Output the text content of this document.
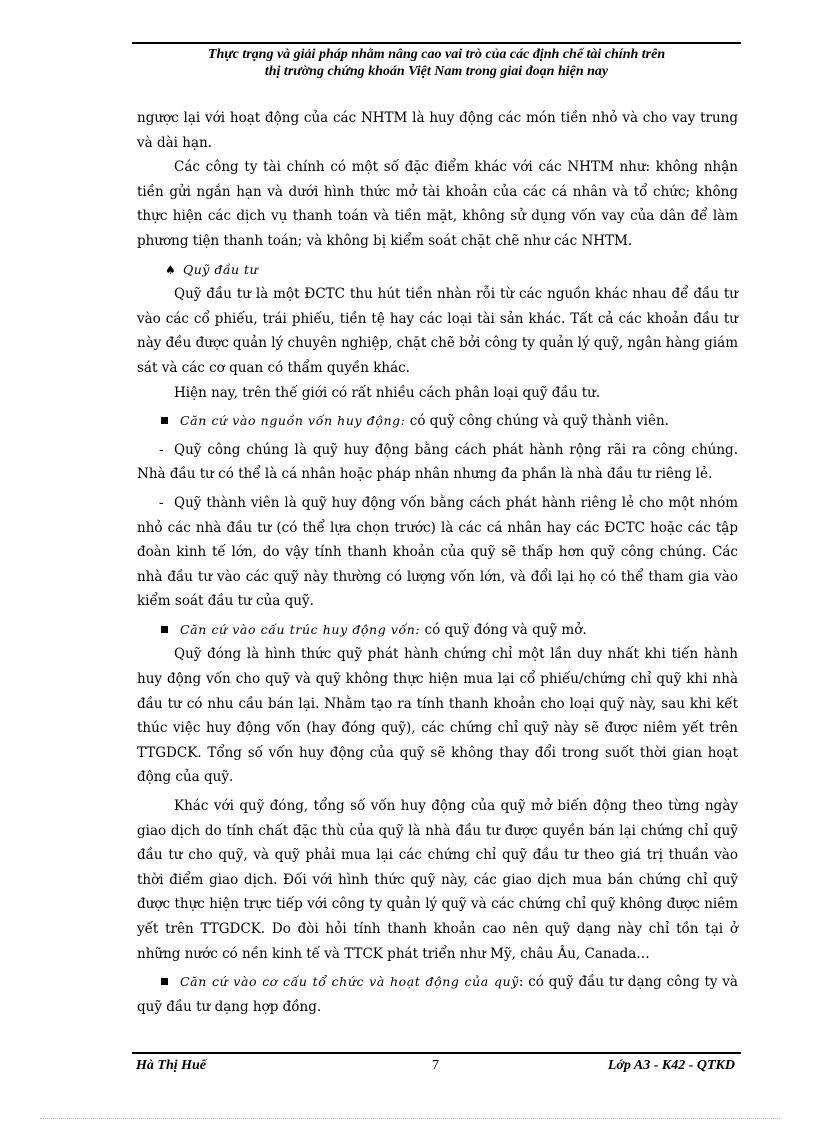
Thực trạng và giải pháp nhằm nâng cao vai trò của các định chế tài chính trên
thị trường chứng khoán Việt Nam trong giai đoạn hiện nay

ngược lại với hoạt động của các NHTM là huy động các món tiền nhỏ và cho vay trung và dài hạn.

Các công ty tài chính có một số đặc điểm khác với các NHTM như: không nhận tiền gửi ngắn hạn và dưới hình thức mở tài khoản của các cá nhân và tổ chức; không thực hiện các dịch vụ thanh toán và tiền mặt, không sử dụng vốn vay của dân để làm phương tiện thanh toán; và không bị kiểm soát chặt chẽ như các NHTM.

♠ Quỹ đầu tư

Quỹ đầu tư là một ĐCTC thu hút tiền nhàn rỗi từ các nguồn khác nhau để đầu tư vào các cổ phiếu, trái phiếu, tiền tệ hay các loại tài sản khác. Tất cả các khoản đầu tư này đều được quản lý chuyên nghiệp, chặt chẽ bởi công ty quản lý quỹ, ngân hàng giám sát và các cơ quan có thẩm quyền khác.

Hiện nay, trên thế giới có rất nhiều cách phân loại quỹ đầu tư.

Căn cứ vào nguồn vốn huy động: có quỹ công chúng và quỹ thành viên.

- Quỹ công chúng là quỹ huy động bằng cách phát hành rộng rãi ra công chúng. Nhà đầu tư có thể là cá nhân hoặc pháp nhân nhưng đa phần là nhà đầu tư riêng lẻ.

- Quỹ thành viên là quỹ huy động vốn bằng cách phát hành riêng lẻ cho một nhóm nhỏ các nhà đầu tư (có thể lựa chọn trước) là các cá nhân hay các ĐCTC hoặc các tập đoàn kinh tế lớn, do vậy tính thanh khoản của quỹ sẽ thấp hơn quỹ công chúng. Các nhà đầu tư vào các quỹ này thường có lượng vốn lớn, và đổi lại họ có thể tham gia vào kiểm soát đầu tư của quỹ.

Căn cứ vào cấu trúc huy động vốn: có quỹ đóng và quỹ mở.

Quỹ đóng là hình thức quỹ phát hành chứng chỉ một lần duy nhất khi tiến hành huy động vốn cho quỹ và quỹ không thực hiện mua lại cổ phiếu/chứng chỉ quỹ khi nhà đầu tư có nhu cầu bán lại. Nhằm tạo ra tính thanh khoản cho loại quỹ này, sau khi kết thúc việc huy động vốn (hay đóng quỹ), các chứng chỉ quỹ này sẽ được niêm yết trên TTGDCK. Tổng số vốn huy động của quỹ sẽ không thay đổi trong suốt thời gian hoạt động của quỹ.

Khác với quỹ đóng, tổng số vốn huy động của quỹ mở biến động theo từng ngày giao dịch do tính chất đặc thù của quỹ là nhà đầu tư được quyền bán lại chứng chỉ quỹ đầu tư cho quỹ, và quỹ phải mua lại các chứng chỉ quỹ đầu tư theo giá trị thuần vào thời điểm giao dịch. Đối với hình thức quỹ này, các giao dịch mua bán chứng chỉ quỹ được thực hiện trực tiếp với công ty quản lý quỹ và các chứng chỉ quỹ không được niêm yết trên TTGDCK. Do đòi hỏi tính thanh khoản cao nên quỹ dạng này chỉ tồn tại ở những nước có nền kinh tế và TTCK phát triển như Mỹ, châu Âu, Canada…

Căn cứ vào cơ cấu tổ chức và hoạt động của quỹ: có quỹ đầu tư dạng công ty và quỹ đầu tư dạng hợp đồng.

Hà Thị Huế	7	Lớp A3 - K42 - QTKD
